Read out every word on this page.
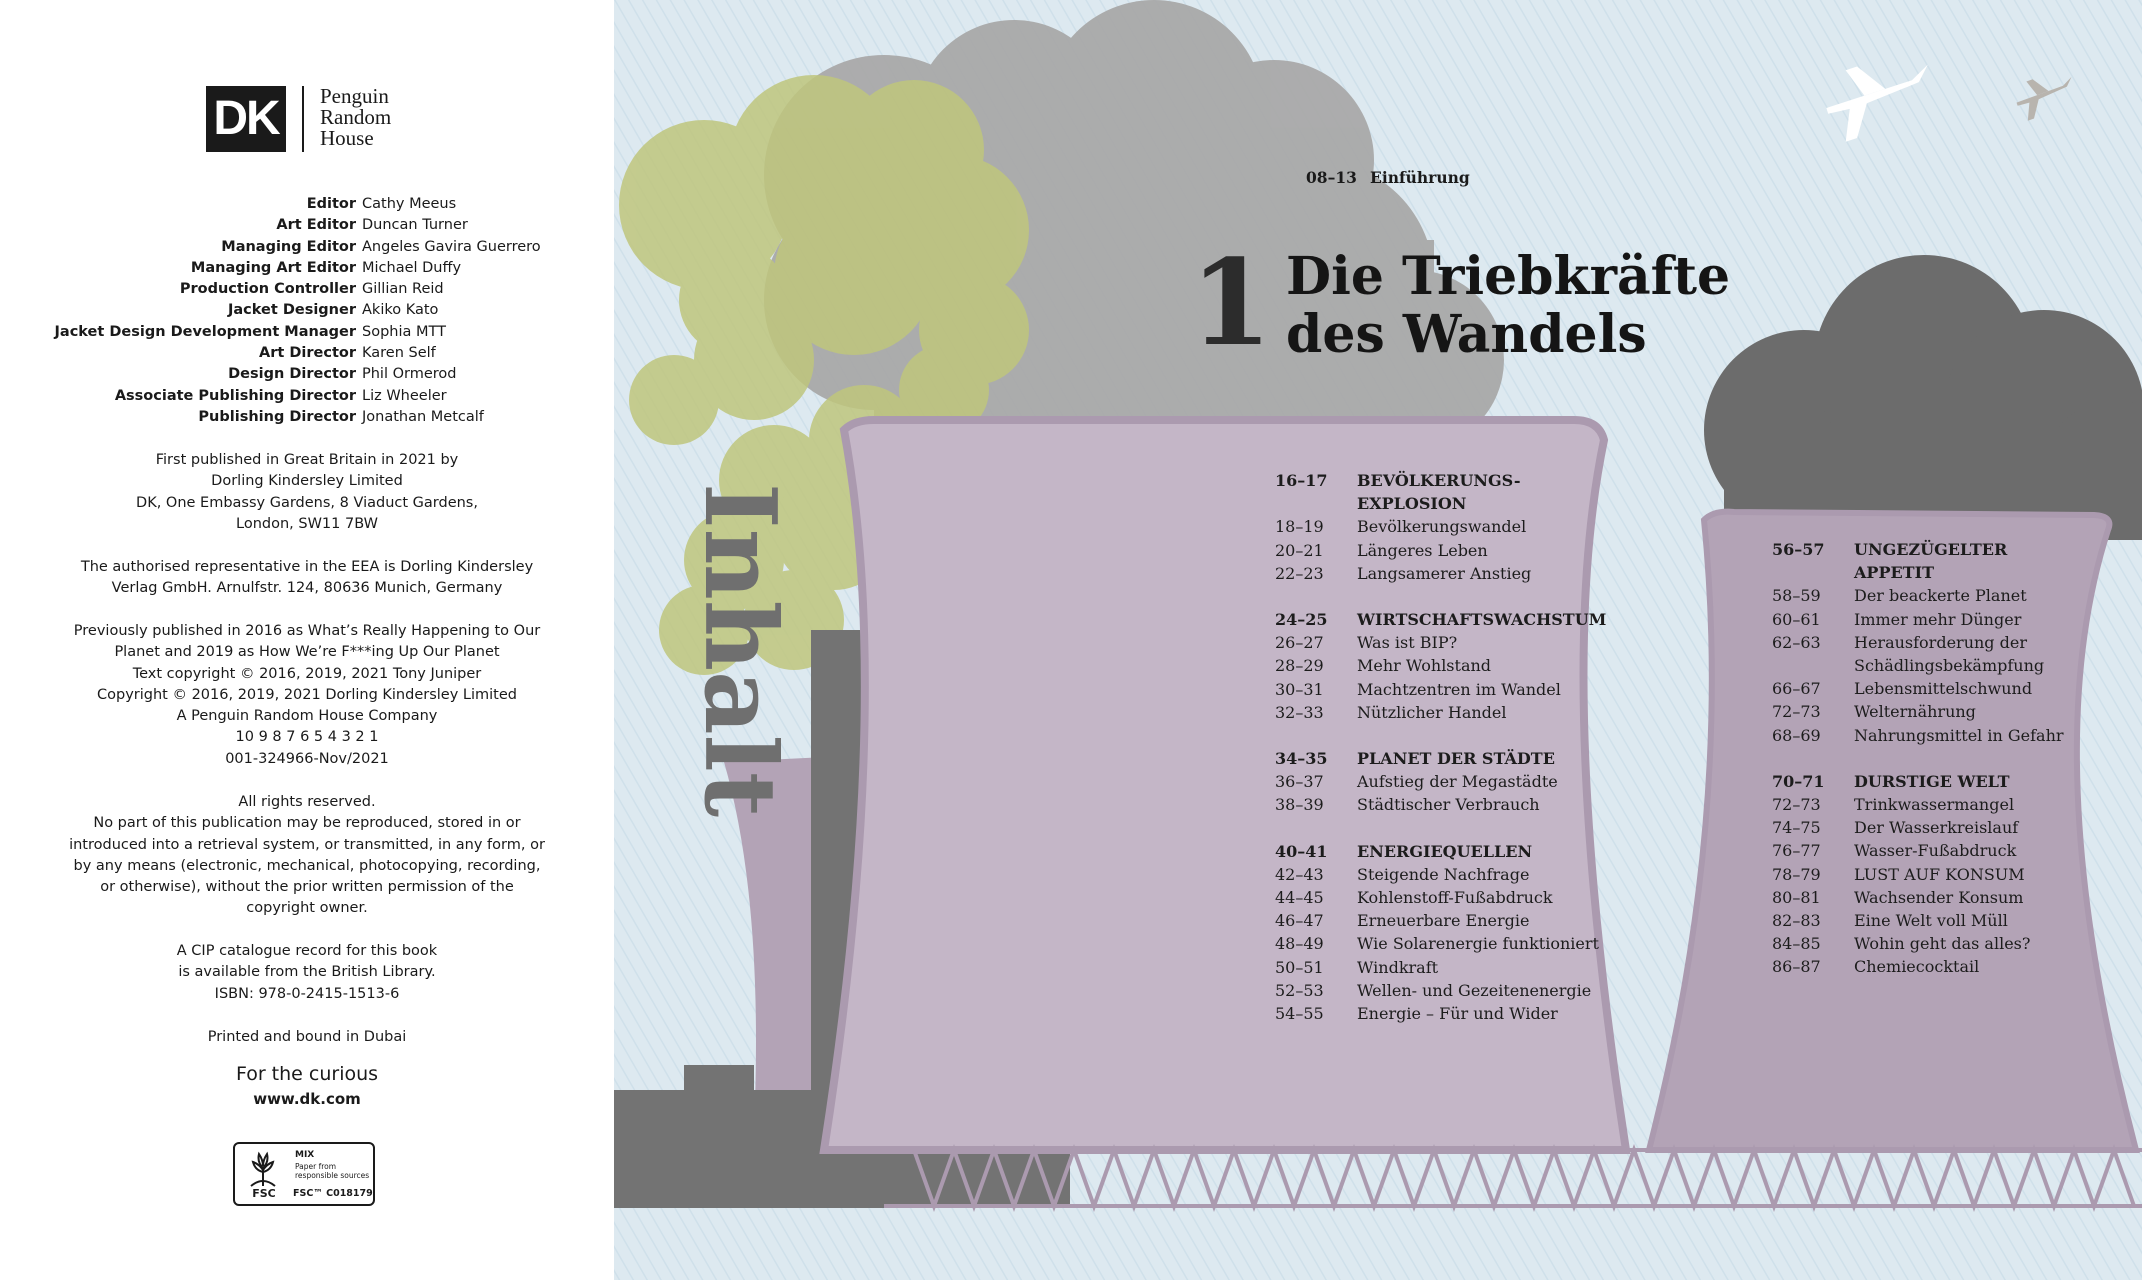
DK	Penguin
Random
House
Editor Cathy Meeus
Art Editor Duncan Turner
Managing Editor Angeles Gavira Guerrero
Managing Art Editor Michael Duffy
Production Controller Gillian Reid
Jacket Designer Akiko Kato
Jacket Design Development Manager Sophia MTT
Art Director Karen Self
Design Director Phil Ormerod
Associate Publishing Director Liz Wheeler
Publishing Director Jonathan Metcalf
First published in Great Britain in 2021 by
Dorling Kindersley Limited
DK, One Embassy Gardens, 8 Viaduct Gardens,
London, SW11 7BW
The authorised representative in the EEA is Dorling Kindersley
Verlag GmbH. Arnulfstr. 124, 80636 Munich, Germany
Previously published in 2016 as What’s Really Happening to Our
Planet and 2019 as How We’re F***ing Up Our Planet
Text copyright © 2016, 2019, 2021 Tony Juniper
Copyright © 2016, 2019, 2021 Dorling Kindersley Limited
A Penguin Random House Company
10 9 8 7 6 5 4 3 2 1
001-324966-Nov/2021
All rights reserved.
No part of this publication may be reproduced, stored in or
introduced into a retrieval system, or transmitted, in any form, or
by any means (electronic, mechanical, photocopying, recording,
or otherwise), without the prior written permission of the
copyright owner.
A CIP catalogue record for this book
is available from the British Library.
ISBN: 978-0-2415-1513-6
Printed and bound in Dubai
For the curious
www.dk.com
FSC
MIX
Paper from responsible sources
FSC™ C018179
Inhalt
08–13 Einführung
1 Die Triebkräfte
des Wandels
16–17	BEVÖLKERUNGS-
EXPLOSION
18–19	Bevölkerungswandel
20–21	Längeres Leben
22–23	Langsamerer Anstieg
24–25	WIRTSCHAFTSWACHSTUM
26–27	Was ist BIP?
28–29	Mehr Wohlstand
30–31	Machtzentren im Wandel
32–33	Nützlicher Handel
34–35	PLANET DER STÄDTE
36–37	Aufstieg der Megastädte
38–39	Städtischer Verbrauch
40–41	ENERGIEQUELLEN
42–43	Steigende Nachfrage
44–45	Kohlenstoff-Fußabdruck
46–47	Erneuerbare Energie
48–49	Wie Solarenergie funktioniert
50–51	Windkraft
52–53	Wellen- und Gezeitenenergie
54–55	Energie – Für und Wider
56–57	UNGEZÜGELTER
APPETIT
58–59	Der beackerte Planet
60–61	Immer mehr Dünger
62–63	Herausforderung der
Schädlingsbekämpfung
66–67	Lebensmittelschwund
72–73	Welternährung
68–69	Nahrungsmittel in Gefahr
70–71	DURSTIGE WELT
72–73	Trinkwassermangel
74–75	Der Wasserkreislauf
76–77	Wasser-Fußabdruck
78–79	LUST AUF KONSUM
80–81	Wachsender Konsum
82–83	Eine Welt voll Müll
84–85	Wohin geht das alles?
86–87	Chemiecocktail
